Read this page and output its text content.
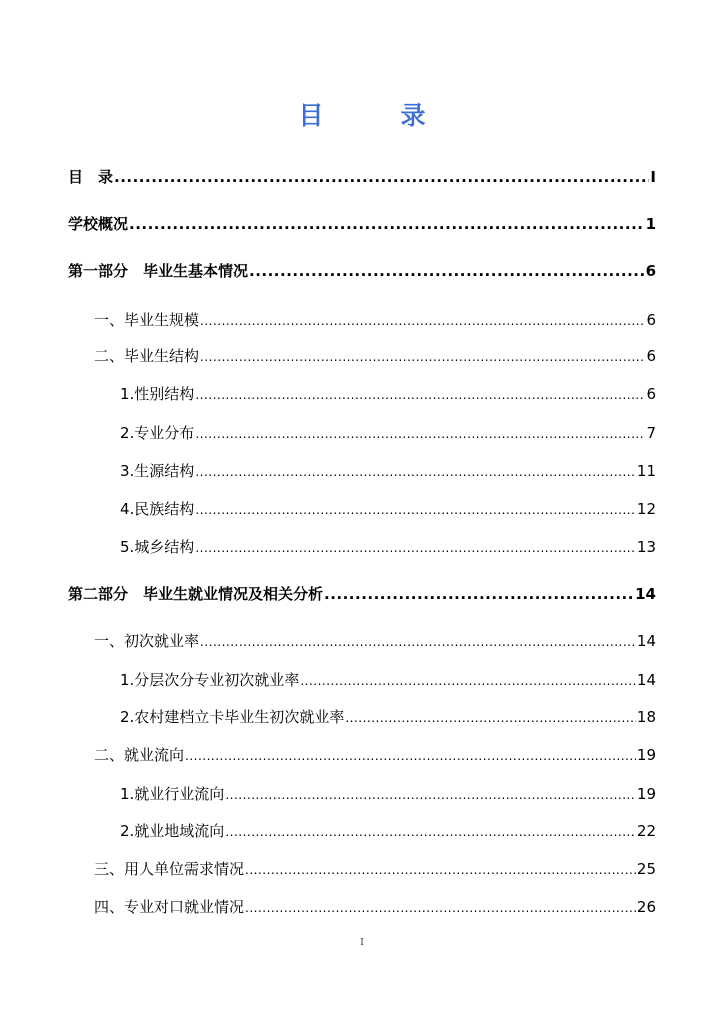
目　录
目　录 .....	I
学校概况 .....	1
第一部分　毕业生基本情况 .....	6
一、毕业生规模 .....	6
二、毕业生结构 .....	6
1.性别结构 .....	6
2.专业分布 .....	7
3.生源结构 .....	11
4.民族结构 .....	12
5.城乡结构 .....	13
第二部分　毕业生就业情况及相关分析 .....	14
一、初次就业率 .....	14
1.分层次分专业初次就业率 .....	14
2.农村建档立卡毕业生初次就业率 .....	18
二、就业流向 .....	19
1.就业行业流向 .....	19
2.就业地域流向 .....	22
三、用人单位需求情况 .....	25
四、专业对口就业情况 .....	26
I
